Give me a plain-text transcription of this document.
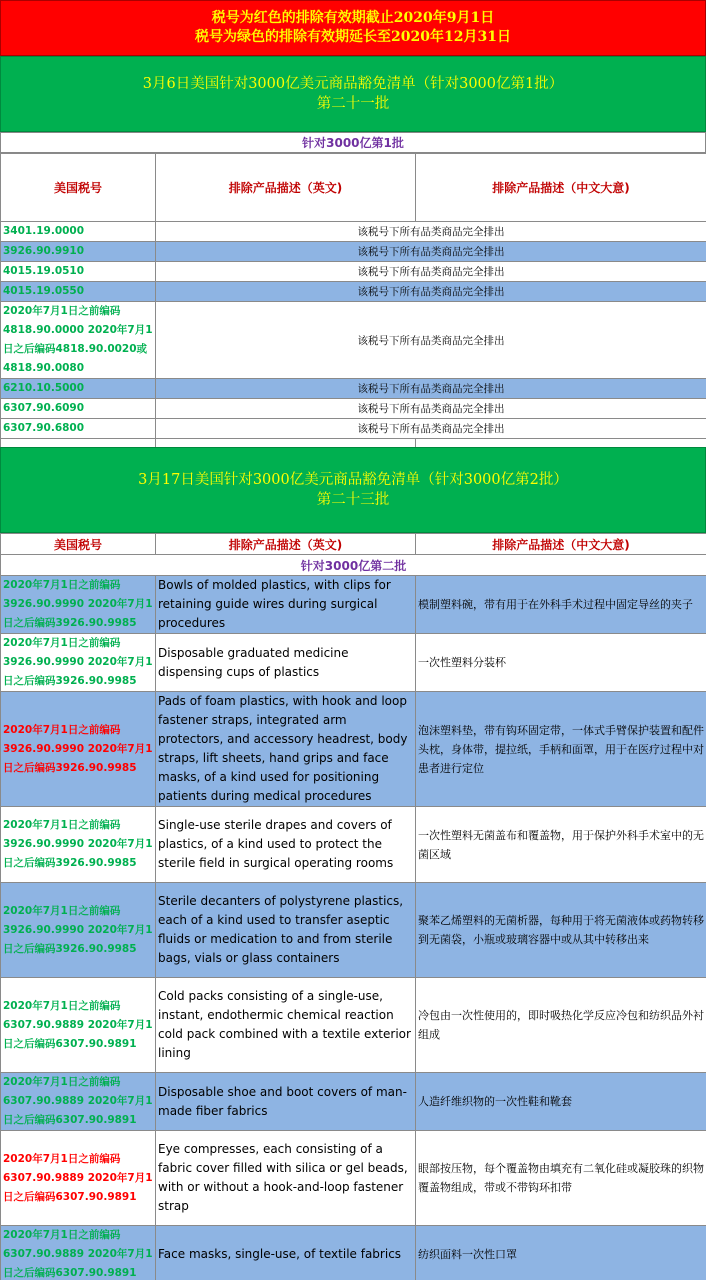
税号为红色的排除有效期截止2020年9月1日
税号为绿色的排除有效期延长至2020年12月31日
3月6日美国针对3000亿美元商品豁免清单（针对3000亿第1批）
第二十一批
针对3000亿第1批
美国税号	排除产品描述（英文)	排除产品描述（中文大意)
3401.19.0000	该税号下所有品类商品完全排出	
3926.90.9910	该税号下所有品类商品完全排出	
4015.19.0510	该税号下所有品类商品完全排出	
4015.19.0550	该税号下所有品类商品完全排出	
2020年7月1日之前编码4818.90.0000 2020年7月1日之后编码4818.90.0020或4818.90.0080	该税号下所有品类商品完全排出	
6210.10.5000	该税号下所有品类商品完全排出	
6307.90.6090	该税号下所有品类商品完全排出	
6307.90.6800	该税号下所有品类商品完全排出	

3月17日美国针对3000亿美元商品豁免清单（针对3000亿第2批）
第二十三批
美国税号	排除产品描述（英文)	排除产品描述（中文大意)
针对3000亿第二批		
2020年7月1日之前编码3926.90.9990 2020年7月1日之后编码3926.90.9985	Bowls of molded plastics, with clips for retaining guide wires during surgical procedures	模制塑料碗，带有用于在外科手术过程中固定导丝的夹子
2020年7月1日之前编码3926.90.9990 2020年7月1日之后编码3926.90.9985	Disposable graduated medicine dispensing cups of plastics	一次性塑料分装杯
2020年7月1日之前编码3926.90.9990 2020年7月1日之后编码3926.90.9985	Pads of foam plastics, with hook and loop fastener straps, integrated arm protectors, and accessory headrest, body straps, lift sheets, hand grips and face masks, of a kind used for positioning patients during medical procedures	泡沫塑料垫，带有钩环固定带，一体式手臂保护装置和配件头枕，身体带，提拉纸，手柄和面罩，用于在医疗过程中对患者进行定位
2020年7月1日之前编码3926.90.9990 2020年7月1日之后编码3926.90.9985	Single-use sterile drapes and covers of plastics, of a kind used to protect the sterile field in surgical operating rooms	一次性塑料无菌盖布和覆盖物，用于保护外科手术室中的无菌区域
2020年7月1日之前编码3926.90.9990 2020年7月1日之后编码3926.90.9985	Sterile decanters of polystyrene plastics, each of a kind used to transfer aseptic fluids or medication to and from sterile bags, vials or glass containers	聚苯乙烯塑料的无菌析器，每种用于将无菌液体或药物转移到无菌袋，小瓶或玻璃容器中或从其中转移出来
2020年7月1日之前编码6307.90.9889 2020年7月1日之后编码6307.90.9891	Cold packs consisting of a single-use, instant, endothermic chemical reaction cold pack combined with a textile exterior lining	冷包由一次性使用的，即时吸热化学反应冷包和纺织品外衬组成
2020年7月1日之前编码6307.90.9889 2020年7月1日之后编码6307.90.9891	Disposable shoe and boot covers of man-made fiber fabrics	人造纤维织物的一次性鞋和靴套
2020年7月1日之前编码6307.90.9889 2020年7月1日之后编码6307.90.9891	Eye compresses, each consisting of a fabric cover filled with silica or gel beads, with or without a hook-and-loop fastener strap	眼部按压物，每个覆盖物由填充有二氧化硅或凝胶珠的织物覆盖物组成，带或不带钩环扣带
2020年7月1日之前编码6307.90.9889 2020年7月1日之后编码6307.90.9891	Face masks, single-use, of textile fabrics	纺织面料一次性口罩
